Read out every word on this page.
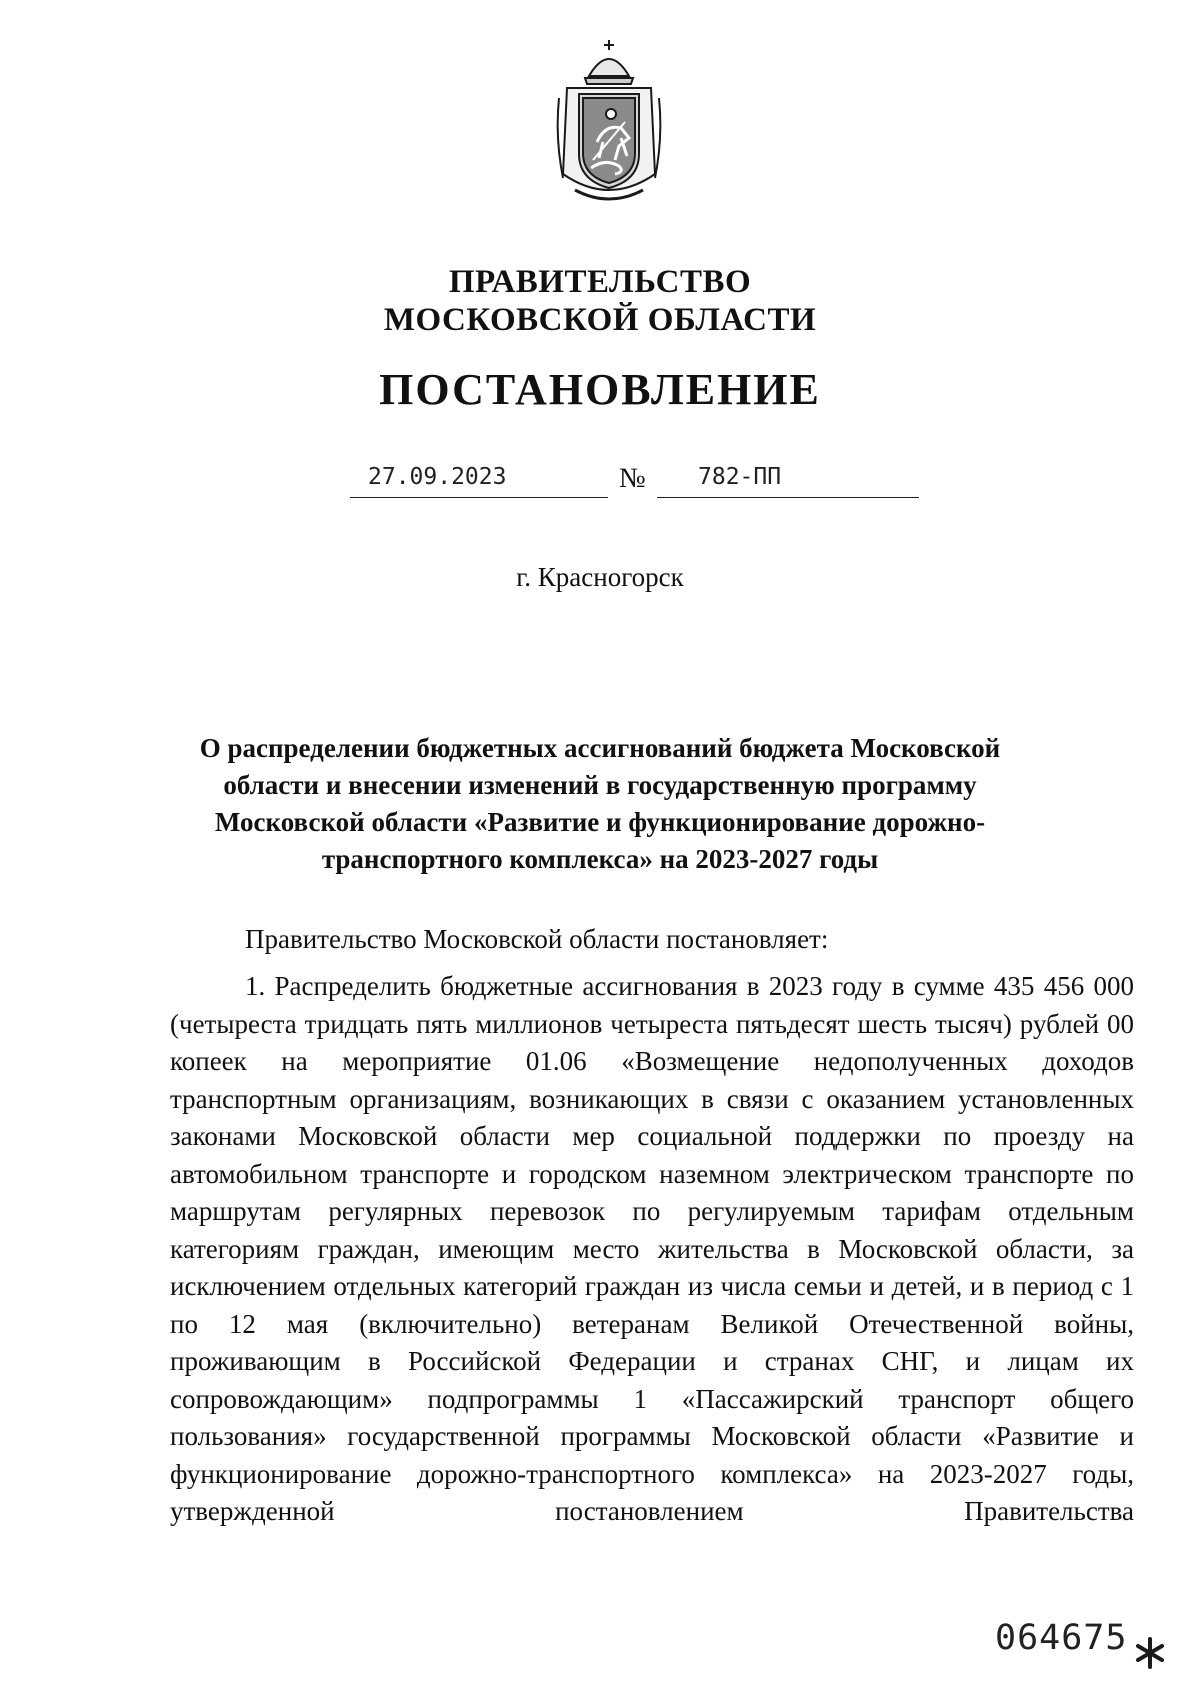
ПРАВИТЕЛЬСТВО
МОСКОВСКОЙ ОБЛАСТИ
ПОСТАНОВЛЕНИЕ
27.09.2023	№ 782-ПП
г. Красногорск
О распределении бюджетных ассигнований бюджета Московской области и внесении изменений в государственную программу Московской области «Развитие и функционирование дорожно-транспортного комплекса» на 2023-2027 годы
Правительство Московской области постановляет:
1. Распределить бюджетные ассигнования в 2023 году в сумме 435 456 000 (четыреста тридцать пять миллионов четыреста пятьдесят шесть тысяч) рублей 00 копеек на мероприятие 01.06 «Возмещение недополученных доходов транспортным организациям, возникающих в связи с оказанием установленных законами Московской области мер социальной поддержки по проезду на автомобильном транспорте и городском наземном электрическом транспорте по маршрутам регулярных перевозок по регулируемым тарифам отдельным категориям граждан, имеющим место жительства в Московской области, за исключением отдельных категорий граждан из числа семьи и детей, и в период с 1 по 12 мая (включительно) ветеранам Великой Отечественной войны, проживающим в Российской Федерации и странах СНГ, и лицам их сопровождающим» подпрограммы 1 «Пассажирский транспорт общего пользования» государственной программы Московской области «Развитие и функционирование дорожно-транспортного комплекса» на 2023-2027 годы, утвержденной постановлением Правительства
064675
